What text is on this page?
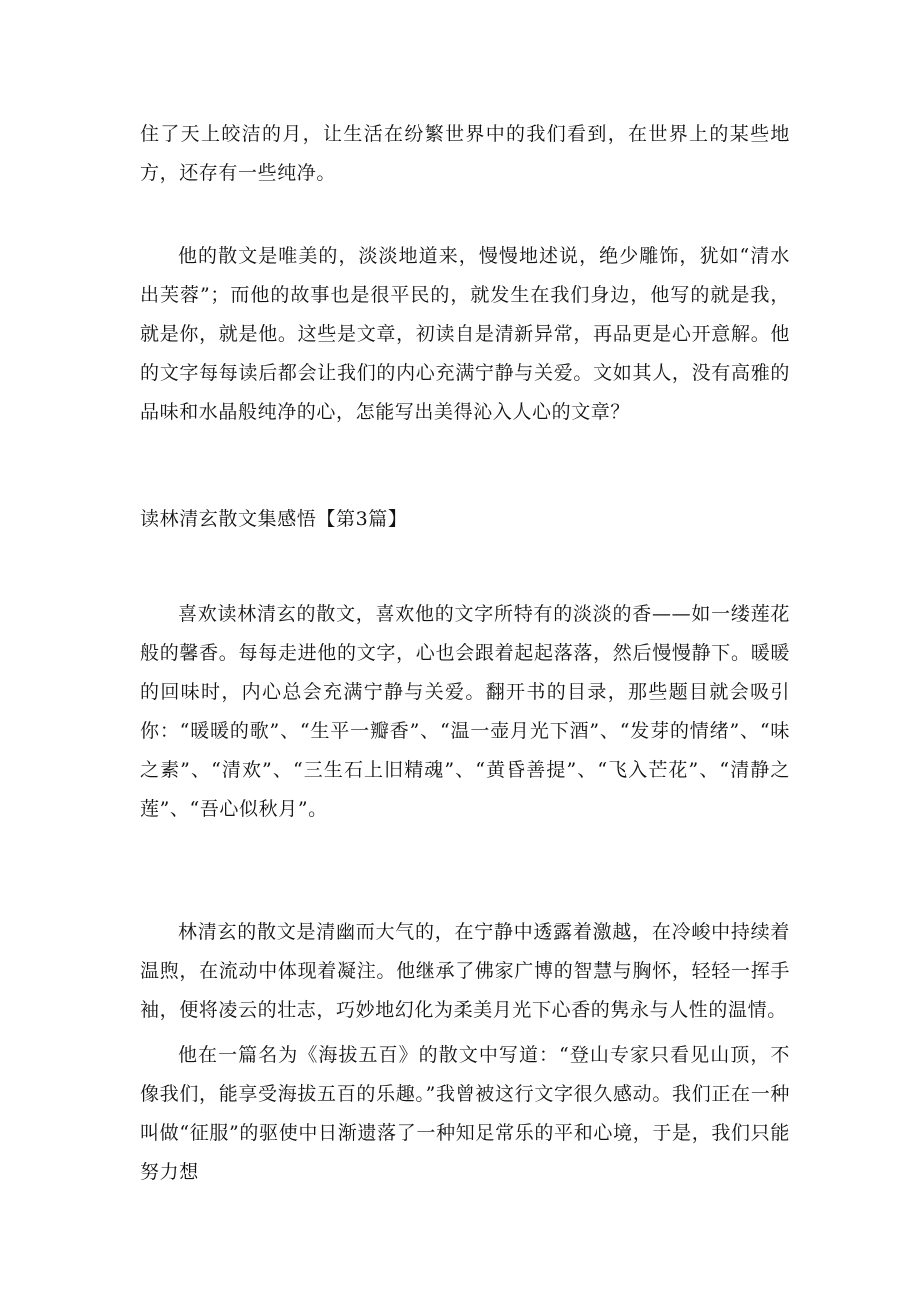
住了天上皎洁的月，让生活在纷繁世界中的我们看到，在世界上的某些地方，还存有一些纯净。

他的散文是唯美的，淡淡地道来，慢慢地述说，绝少雕饰，犹如“清水出芙蓉”；而他的故事也是很平民的，就发生在我们身边，他写的就是我，就是你，就是他。这些是文章，初读自是清新异常，再品更是心开意解。他的文字每每读后都会让我们的内心充满宁静与关爱。文如其人，没有高雅的品味和水晶般纯净的心，怎能写出美得沁入人心的文章？

读林清玄散文集感悟【第3篇】

喜欢读林清玄的散文，喜欢他的文字所特有的淡淡的香——如一缕莲花般的馨香。每每走进他的文字，心也会跟着起起落落，然后慢慢静下。暖暖的回味时，内心总会充满宁静与关爱。翻开书的目录，那些题目就会吸引你：“暖暖的歌”、“生平一瓣香”、“温一壶月光下酒”、“发芽的情绪”、“味之素”、“清欢”、“三生石上旧精魂”、“黄昏善提”、“飞入芒花”、“清静之莲”、“吾心似秋月”。

林清玄的散文是清幽而大气的，在宁静中透露着激越，在冷峻中持续着温煦，在流动中体现着凝注。他继承了佛家广博的智慧与胸怀，轻轻一挥手袖，便将凌云的壮志，巧妙地幻化为柔美月光下心香的隽永与人性的温情。

他在一篇名为《海拔五百》的散文中写道：“登山专家只看见山顶，不像我们，能享受海拔五百的乐趣。”我曾被这行文字很久感动。我们正在一种叫做“征服”的驱使中日渐遗落了一种知足常乐的平和心境，于是，我们只能努力想
